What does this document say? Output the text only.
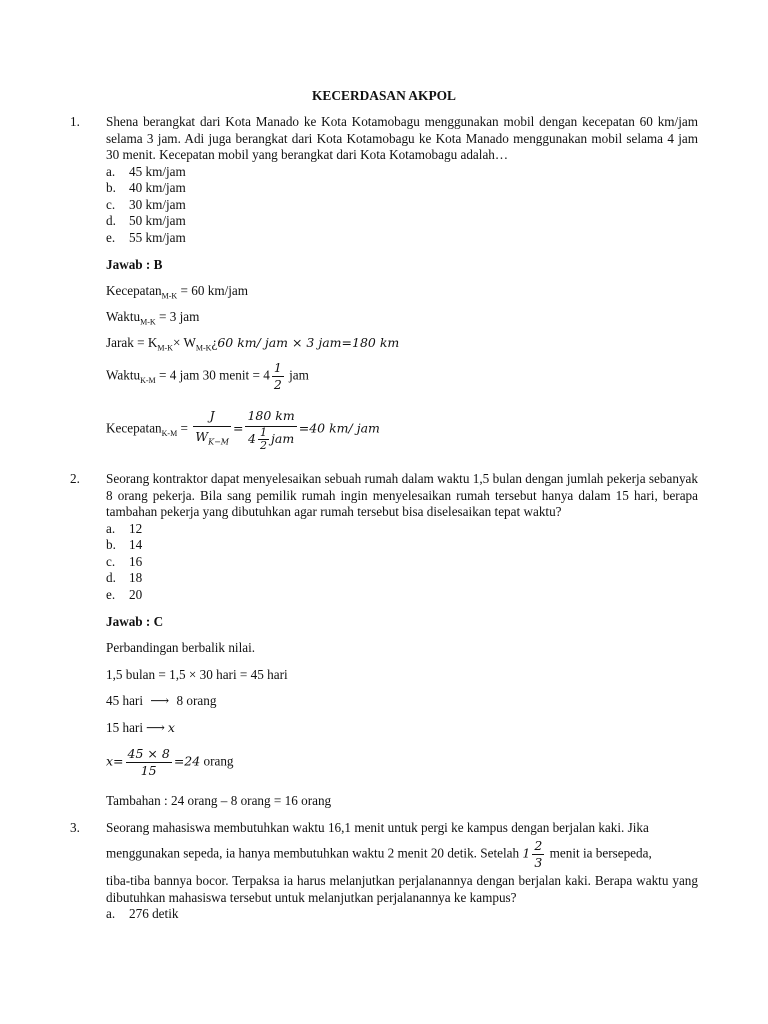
KECERDASAN AKPOL
1. Shena berangkat dari Kota Manado ke Kota Kotamobagu menggunakan mobil dengan kecepatan 60 km/jam selama 3 jam. Adi juga berangkat dari Kota Kotamobagu ke Kota Manado menggunakan mobil selama 4 jam 30 menit. Kecepatan mobil yang berangkat dari Kota Kotamobagu adalah…
a. 45 km/jam
b. 40 km/jam
c. 30 km/jam
d. 50 km/jam
e. 55 km/jam
Jawab : B
Kecepatan$_{M-K}$ = 60 km/jam
Waktu$_{M-K}$ = 3 jam
Jarak = $K_{M-K}\times$ $W_{M-K}¿60$ km/ jam × 3 jam=180 km
Waktu$_{K-M}$ = 4 jam 30 menit = $4 \frac{1}{2}$ jam
Kecepatan$_{K-M}$ = $\frac{J}{W_{K-M}} = \frac{180 km}{4 \frac{1}{2} jam} =40$ km/ jam
2. Seorang kontraktor dapat menyelesaikan sebuah rumah dalam waktu 1,5 bulan dengan jumlah pekerja sebanyak 8 orang pekerja. Bila sang pemilik rumah ingin menyelesaikan rumah tersebut hanya dalam 15 hari, berapa tambahan pekerja yang dibutuhkan agar rumah tersebut bisa diselesaikan tepat waktu?
a. 12
b. 14
c. 16
d. 18
e. 20
Jawab : C
Perbandingan berbalik nilai.
1,5 bulan = 1,5 × 30 hari = 45 hari
45 hari ⟶ 8 orang
15 hari ⟶ x
$x= \frac{45 \times 8}{15} =24$ orang
Tambahan : 24 orang – 8 orang = 16 orang
3. Seorang mahasiswa membutuhkan waktu 16,1 menit untuk pergi ke kampus dengan berjalan kaki. Jika
menggunakan sepeda, ia hanya membutuhkan waktu 2 menit 20 detik. Setelah $1 \frac{2}{3}$ menit ia bersepeda,
tiba-tiba bannya bocor. Terpaksa ia harus melanjutkan perjalanannya dengan berjalan kaki. Berapa waktu yang dibutuhkan mahasiswa tersebut untuk melanjutkan perjalanannya ke kampus?
a. 276 detik
